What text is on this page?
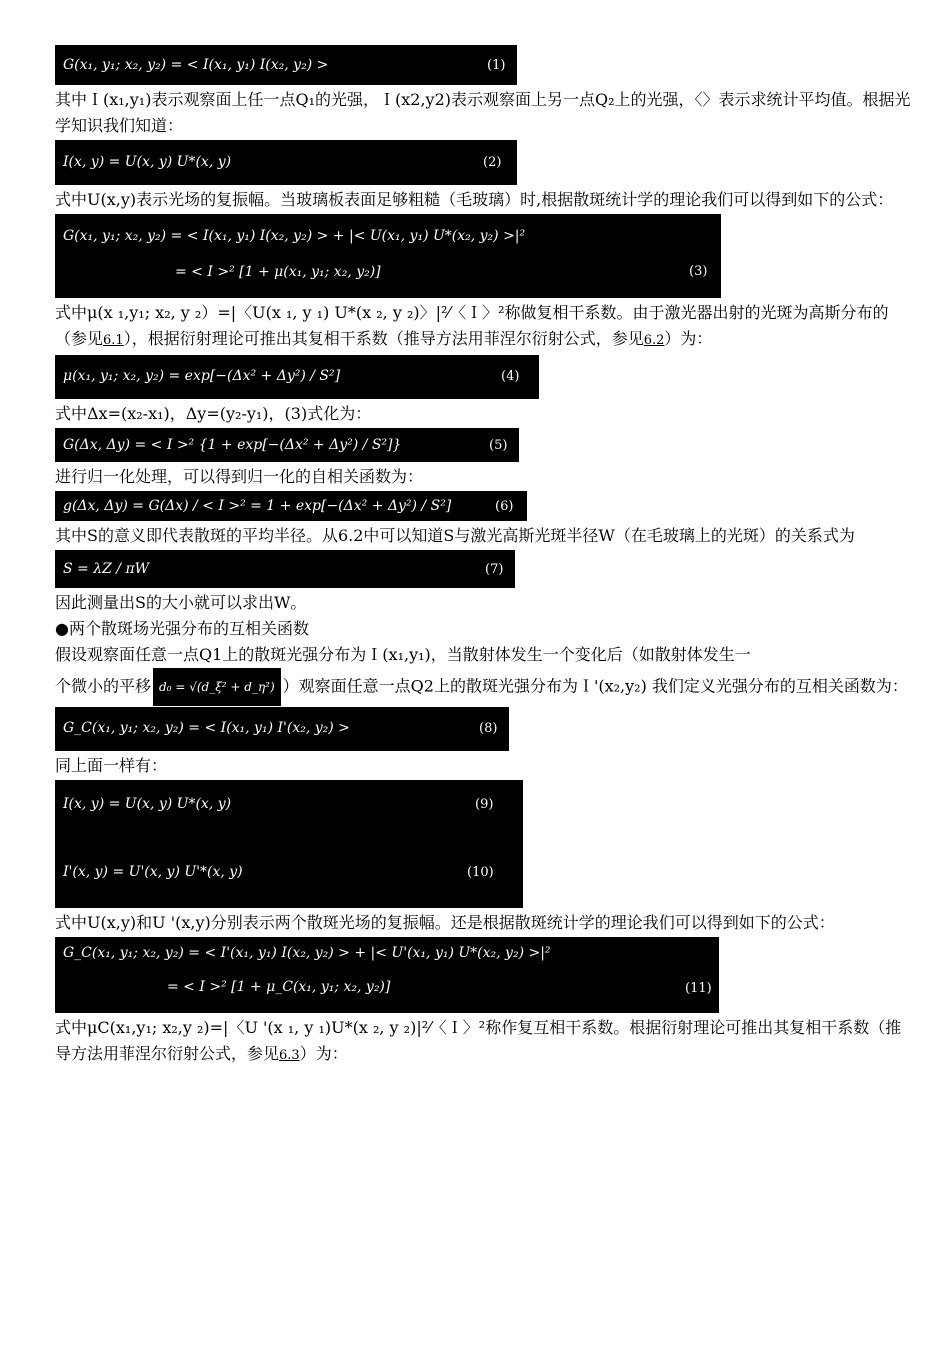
G(x₁, y₁; x₂, y₂) = < I(x₁, y₁) I(x₂, y₂) >	(1)

其中Ｉ(x₁,y₁)表示观察面上任一点Q₁的光强，Ｉ(x2,y2)表示观察面上另一点Q₂上的光强，〈〉表示求统计平均值。根据光学知识我们知道：

I(x, y) = U(x, y) U*(x, y)	(2)

式中U(x,y)表示光场的复振幅。当玻璃板表面足够粗糙（毛玻璃）时,根据散斑统计学的理论我们可以得到如下的公式：

G(x₁, y₁; x₂, y₂) = < I(x₁, y₁) I(x₂, y₂) > + |< U(x₁, y₁) U*(x₂, y₂) >|²
= < I >² [1 + μ(x₁, y₁; x₂, y₂)]	(3)

式中μ(x ₁,y₁; x₂, y ₂）=|〈U(x ₁, y ₁) U*(x ₂, y ₂)〉|²⁄〈Ｉ〉²称做复相干系数。由于激光器出射的光斑为高斯分布的（参见6.1），根据衍射理论可推出其复相干系数（推导方法用菲涅尔衍射公式，参见6.2）为：

μ(x₁, y₁; x₂, y₂) = exp[−(Δx² + Δy²) / S²]	(4)

式中Δx=(x₂-x₁)，Δy=(y₂-y₁)，(3)式化为：

G(Δx, Δy) = < I >² {1 + exp[−(Δx² + Δy²) / S²]}	(5)

进行归一化处理，可以得到归一化的自相关函数为：

g(Δx, Δy) = G(Δx) / < I >² = 1 + exp[−(Δx² + Δy²) / S²]	(6)

其中S的意义即代表散斑的平均半径。从6.2中可以知道S与激光高斯光斑半径W（在毛玻璃上的光斑）的关系式为

S = λZ / πW	(7)

因此测量出S的大小就可以求出W。

●两个散斑场光强分布的互相关函数

假设观察面任意一点Q1上的散斑光强分布为Ｉ(x₁,y₁)，当散射体发生一个变化后（如散射体发生一

个微小的平移 d₀ = √(d_ξ² + d_η²) ）观察面任意一点Q2上的散斑光强分布为Ｉ'(x₂,y₂) 我们定义光强分布的互相关函数为：

G_C(x₁, y₁; x₂, y₂) = < I(x₁, y₁) I'(x₂, y₂) >	(8)

同上面一样有：

I(x, y) = U(x, y) U*(x, y)	(9)
I'(x, y) = U'(x, y) U'*(x, y)	(10)

式中U(x,y)和U '(x,y)分别表示两个散斑光场的复振幅。还是根据散斑统计学的理论我们可以得到如下的公式：

G_C(x₁, y₁; x₂, y₂) = < I'(x₁, y₁) I(x₂, y₂) > + |< U'(x₁, y₁) U*(x₂, y₂) >|²
= < I >² [1 + μ_C(x₁, y₁; x₂, y₂)]	(11)

式中μC(x₁,y₁; x₂,y ₂)=|〈U '(x ₁, y ₁)U*(x ₂, y ₂)|²⁄〈Ｉ〉²称作复互相干系数。根据衍射理论可推出其复相干系数（推导方法用菲涅尔衍射公式，参见6.3）为：
